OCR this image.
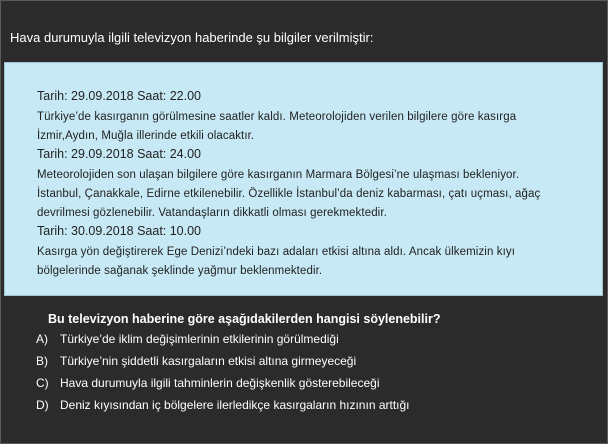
Hava durumuyla ilgili televizyon haberinde şu bilgiler verilmiştir:
Tarih: 29.09.2018 Saat: 22.00
Türkiye’de kasırganın görülmesine saatler kaldı. Meteorolojiden verilen bilgilere göre kasırga
İzmir,Aydın, Muğla illerinde etkili olacaktır.
Tarih: 29.09.2018 Saat: 24.00
Meteorolojiden son ulaşan bilgilere göre kasırganın Marmara Bölgesi’ne ulaşması bekleniyor.
İstanbul, Çanakkale, Edirne etkilenebilir. Özellikle İstanbul’da deniz kabarması, çatı uçması, ağaç
devrilmesi gözlenebilir. Vatandaşların dikkatli olması gerekmektedir.
Tarih: 30.09.2018 Saat: 10.00
Kasırga yön değiştirerek Ege Denizi’ndeki bazı adaları etkisi altına aldı. Ancak ülkemizin kıyı
bölgelerinde sağanak şeklinde yağmur beklenmektedir.
Bu televizyon haberine göre aşağıdakilerden hangisi söylenebilir?
A) Türkiye’de iklim değişimlerinin etkilerinin görülmediği
B) Türkiye’nin şiddetli kasırgaların etkisi altına girmeyeceği
C) Hava durumuyla ilgili tahminlerin değişkenlik gösterebileceği
D) Deniz kıyısından iç bölgelere ilerledikçe kasırgaların hızının arttığı
